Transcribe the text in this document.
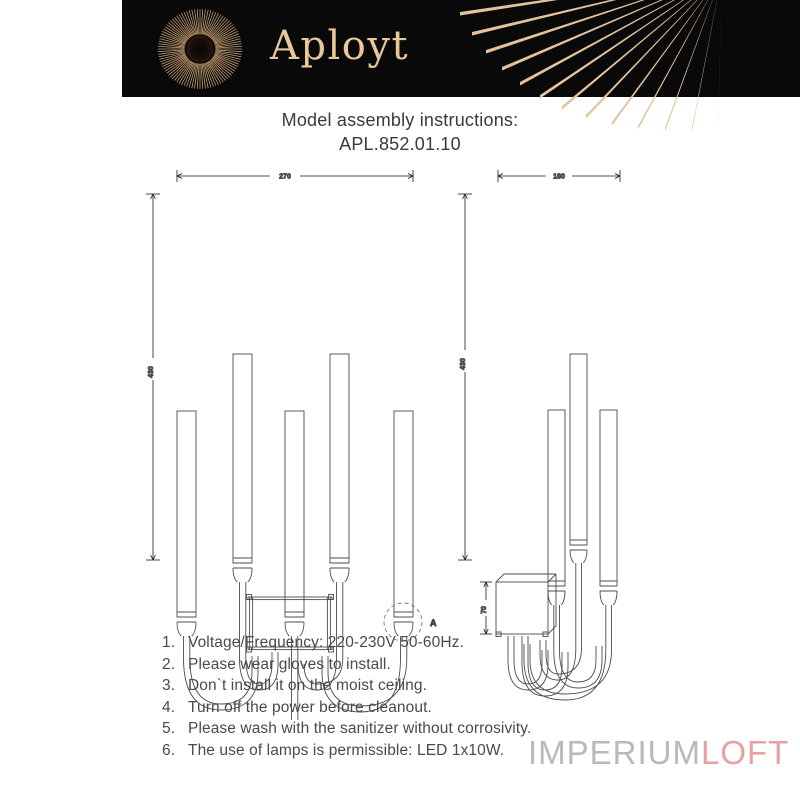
Aployt
Model assembly instructions:
APL.852.01.10
270
430
A
180
430
70
1. Voltage/Frequency: 220-230V 50-60Hz.
2. Please wear gloves to install.
3. Don`t install it on the moist ceiling.
4. Turn off the power before cleanout.
5. Please wash with the sanitizer without corrosivity.
6. The use of lamps is permissible: LED 1x10W. IMPERIUMLOFT
